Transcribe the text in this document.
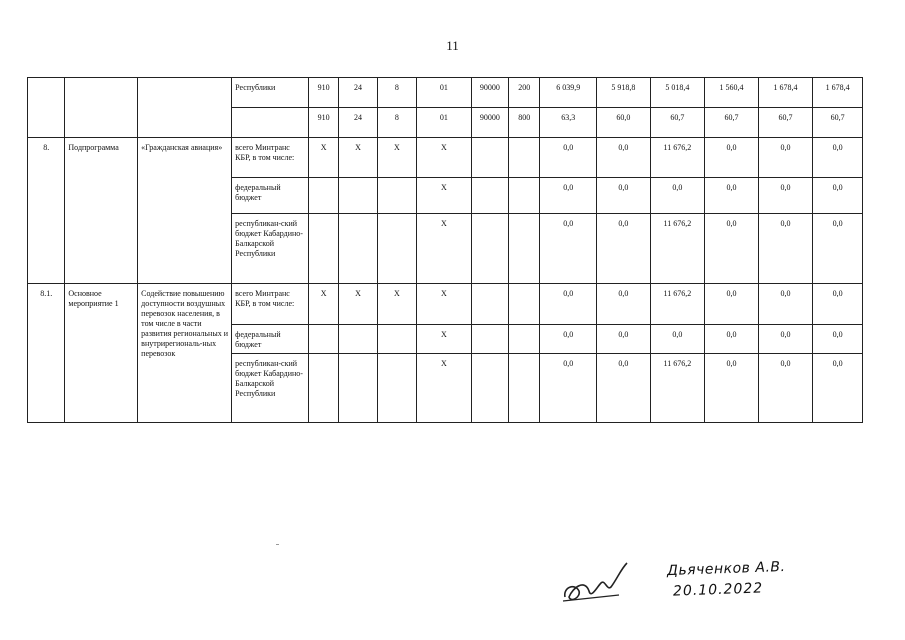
11
			Республики	910	24	8	01	90000	200	6 039,9	5 918,8	5 018,4	1 560,4	1 678,4	1 678,4
				910	24	8	01	90000	800	63,3	60,0	60,7	60,7	60,7	60,7
8.	Подпрограмма	«Гражданская авиация»	всего Минтранс КБР, в том числе:	X	X	X	X			0,0	0,0	11 676,2	0,0	0,0	0,0
			федеральный бюджет				X			0,0	0,0	0,0	0,0	0,0	0,0
			республикан-ский бюджет Кабардино-Балкарской Республики				X			0,0	0,0	11 676,2	0,0	0,0	0,0
8.1.	Основное мероприятие 1	Содействие повышению доступности воздушных перевозок населения, в том числе в части развития региональных и внутрирегиональ-ных перевозок	всего Минтранс КБР, в том числе:	X	X	X	X			0,0	0,0	11 676,2	0,0	0,0	0,0
			федеральный бюджет				X			0,0	0,0	0,0	0,0	0,0	0,0
			республикан-ский бюджет Кабардино-Балкарской Республики				X			0,0	0,0	11 676,2	0,0	0,0	0,0
Дьяченков А.В.
20.10.2022
